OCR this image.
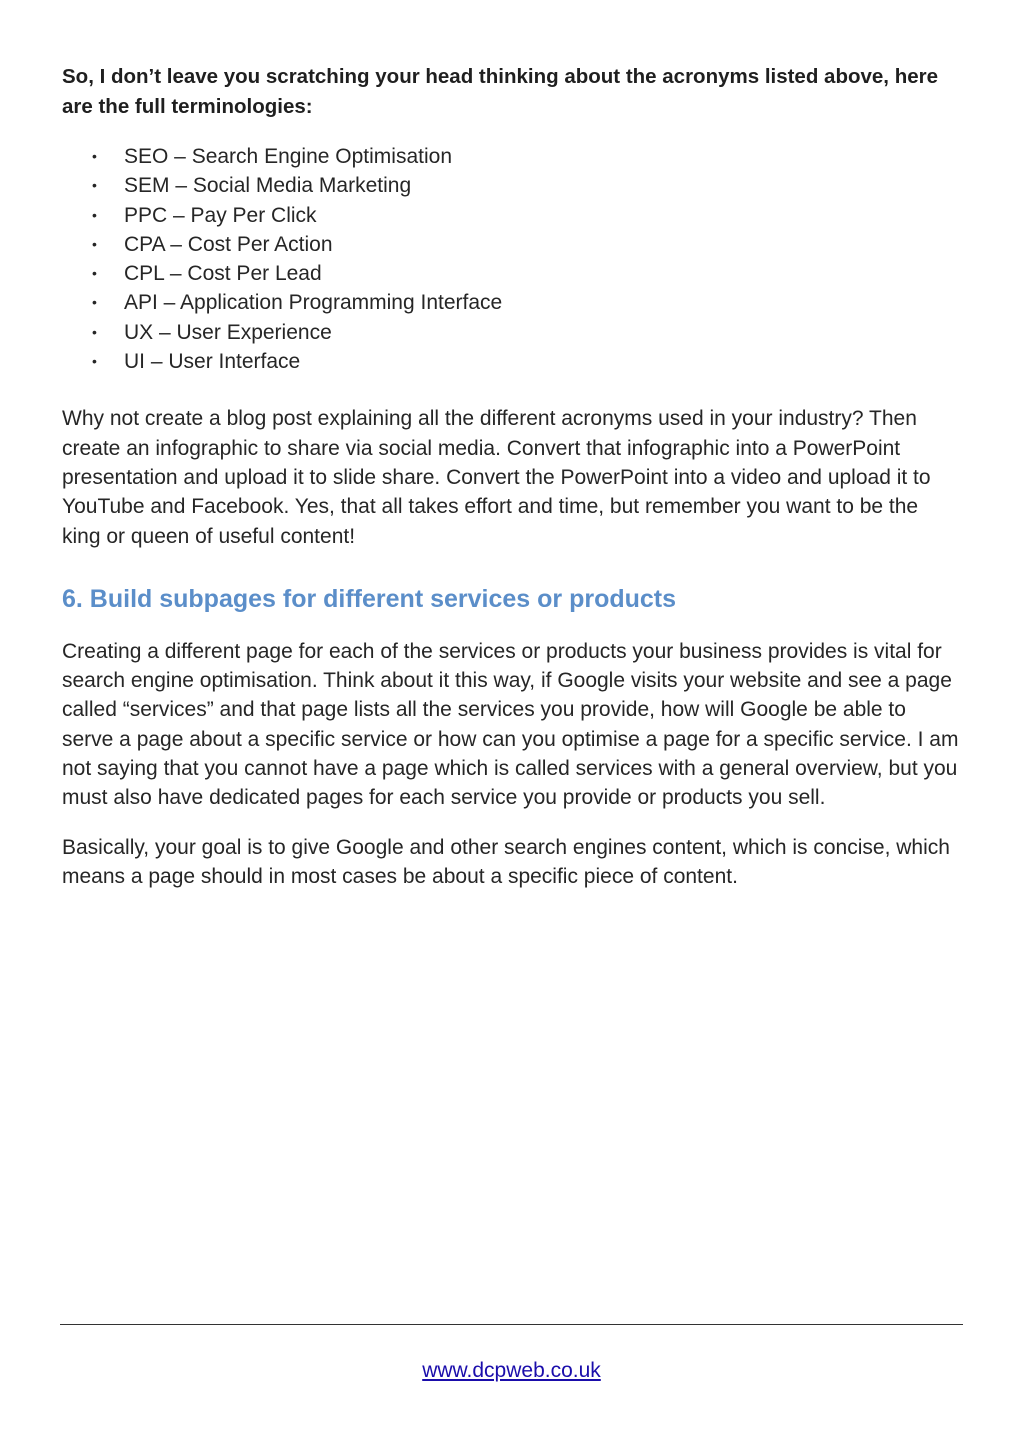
So, I don’t leave you scratching your head thinking about the acronyms listed above, here are the full terminologies:

• SEO – Search Engine Optimisation
• SEM – Social Media Marketing
• PPC – Pay Per Click
• CPA – Cost Per Action
• CPL – Cost Per Lead
• API – Application Programming Interface
• UX – User Experience
• UI – User Interface

Why not create a blog post explaining all the different acronyms used in your industry? Then create an infographic to share via social media. Convert that infographic into a PowerPoint presentation and upload it to slide share. Convert the PowerPoint into a video and upload it to YouTube and Facebook. Yes, that all takes effort and time, but remember you want to be the king or queen of useful content!

6. Build subpages for different services or products

Creating a different page for each of the services or products your business provides is vital for search engine optimisation. Think about it this way, if Google visits your website and see a page called “services” and that page lists all the services you provide, how will Google be able to serve a page about a specific service or how can you optimise a page for a specific service. I am not saying that you cannot have a page which is called services with a general overview, but you must also have dedicated pages for each service you provide or products you sell.

Basically, your goal is to give Google and other search engines content, which is concise, which means a page should in most cases be about a specific piece of content.

www.dcpweb.co.uk
